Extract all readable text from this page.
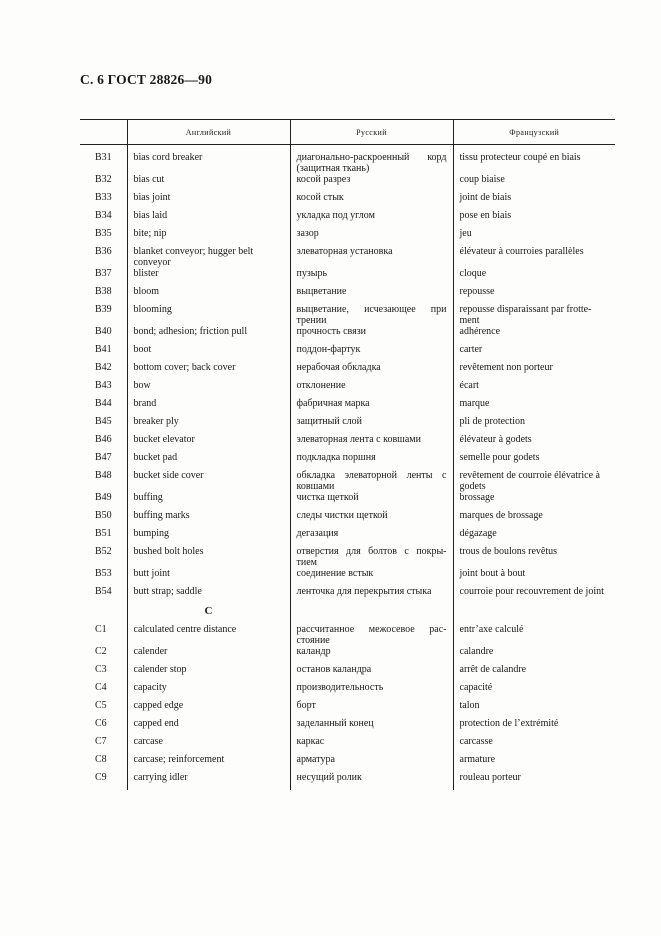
С. 6 ГОСТ 28826—90
	Английский	Русский	Французский
B31	bias cord breaker	диагонально-раскроенный корд (защитная ткань)	tissu protecteur coupé en biais
B32	bias cut	косой разрез	coup biaise
B33	bias joint	косой стык	joint de biais
B34	bias laid	укладка под углом	pose en biais
B35	bite; nip	зазор	jeu
B36	blanket conveyor; hugger belt conveyor	элеваторная установка	élévateur à courroies parallèles
B37	blister	пузырь	cloque
B38	bloom	выцветание	repousse
B39	blooming	выцветание, исчезающее при трении	repousse disparaissant par frotte-ment
B40	bond; adhesion; friction pull	прочность связи	adhérence
B41	boot	поддон-фартук	carter
B42	bottom cover; back cover	нерабочая обкладка	revêtement non porteur
B43	bow	отклонение	écart
B44	brand	фабричная марка	marque
B45	breaker ply	защитный слой	pli de protection
B46	bucket elevator	элеваторная лента с ковшами	élévateur à godets
B47	bucket pad	подкладка поршня	semelle pour godets
B48	bucket side cover	обкладка элеваторной ленты с ковшами	revêtement de courroie élévatrice à godets
B49	buffing	чистка щеткой	brossage
B50	buffing marks	следы чистки щеткой	marques de brossage
B51	bumping	дегазация	dégazage
B52	bushed bolt holes	отверстия для болтов с покры-тием	trous de boulons revêtus
B53	butt joint	соединение встык	joint bout à bout
B54	butt strap; saddle	ленточка для перекрытия стыка	courroie pour recouvrement de joint
	C		
C1	calculated centre distance	рассчитанное межосевое рас-стояние	entr’axe calculé
C2	calender	каландр	calandre
C3	calender stop	останов каландра	arrêt de calandre
C4	capacity	производительность	capacité
C5	capped edge	борт	talon
C6	capped end	заделанный конец	protection de l’extrémité
C7	carcase	каркас	carcasse
C8	carcase; reinforcement	арматура	armature
C9	carrying idler	несущий ролик	rouleau porteur
